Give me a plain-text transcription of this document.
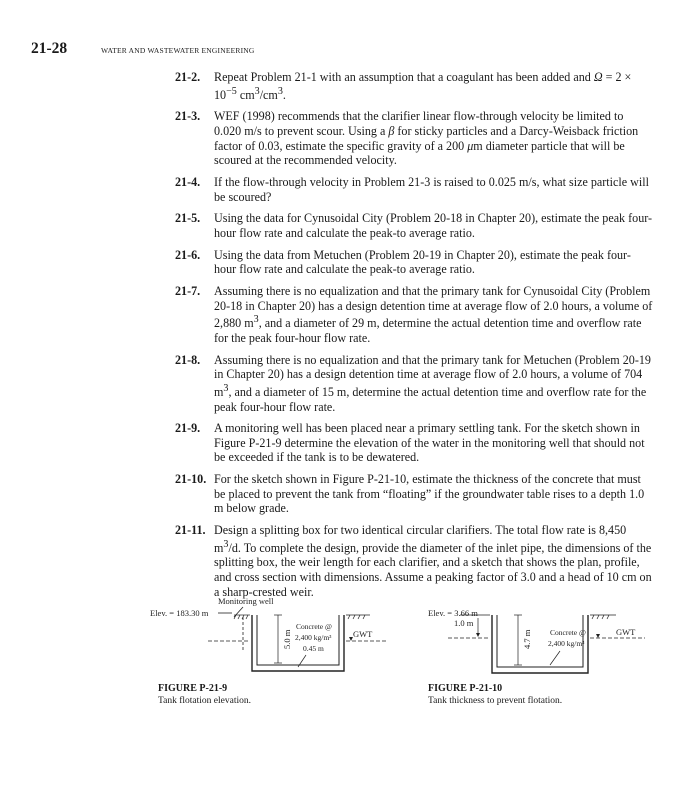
21-28	WATER AND WASTEWATER ENGINEERING
21-2.	Repeat Problem 21-1 with an assumption that a coagulant has been added and $\Omega = 2 \times 10^{-5}$ $cm^3/cm^3$.
21-3.	WEF (1998) recommends that the clarifier linear flow-through velocity be limited to 0.020 m/s to prevent scour. Using a β for sticky particles and a Darcy-Weisback friction factor of 0.03, estimate the specific gravity of a 200 μm diameter particle that will be scoured at the recommended velocity.
21-4.	If the flow-through velocity in Problem 21-3 is raised to 0.025 m/s, what size particle will be scoured?
21-5.	Using the data for Cynusoidal City (Problem 20-18 in Chapter 20), estimate the peak four-hour flow rate and calculate the peak-to average ratio.
21-6.	Using the data from Metuchen (Problem 20-19 in Chapter 20), estimate the peak four-hour flow rate and calculate the peak-to average ratio.
21-7.	Assuming there is no equalization and that the primary tank for Cynusoidal City (Problem 20-18 in Chapter 20) has a design detention time at average flow of 2.0 hours, a volume of 2,880 $m^3$, and a diameter of 29 m, determine the actual detention time and overflow rate for the peak four-hour flow rate.
21-8.	Assuming there is no equalization and that the primary tank for Metuchen (Problem 20-19 in Chapter 20) has a design detention time at average flow of 2.0 hours, a volume of 704 $m^3$, and a diameter of 15 m, determine the actual detention time and overflow rate for the peak four-hour flow rate.
21-9.	A monitoring well has been placed near a primary settling tank. For the sketch shown in Figure P-21-9 determine the elevation of the water in the monitoring well that should not be exceeded if the tank is to be dewatered.
21-10. For the sketch shown in Figure P-21-10, estimate the thickness of the concrete that must be placed to prevent the tank from “floating” if the groundwater table rises to a depth 1.0 m below grade.
21-11. Design a splitting box for two identical circular clarifiers. The total flow rate is 8,450 $m^3/d$. To complete the design, provide the diameter of the inlet pipe, the dimensions of the splitting box, the weir length for each clarifier, and a sketch that shows the plan, profile, and cross section with dimensions. Assume a peaking factor of 3.0 and a head of 10 cm on a sharp-crested weir.
Monitoring well
Elev. = 183.30 m
5.0 m
Concrete @
2,400 kg/m³
0.45 m
GWT
FIGURE P-21-9
Tank flotation elevation.
Elev. = 3.66 m
1.0 m
4.7 m Concrete @
2,400 kg/m³
GWT
FIGURE P-21-10
Tank thickness to prevent flotation.
